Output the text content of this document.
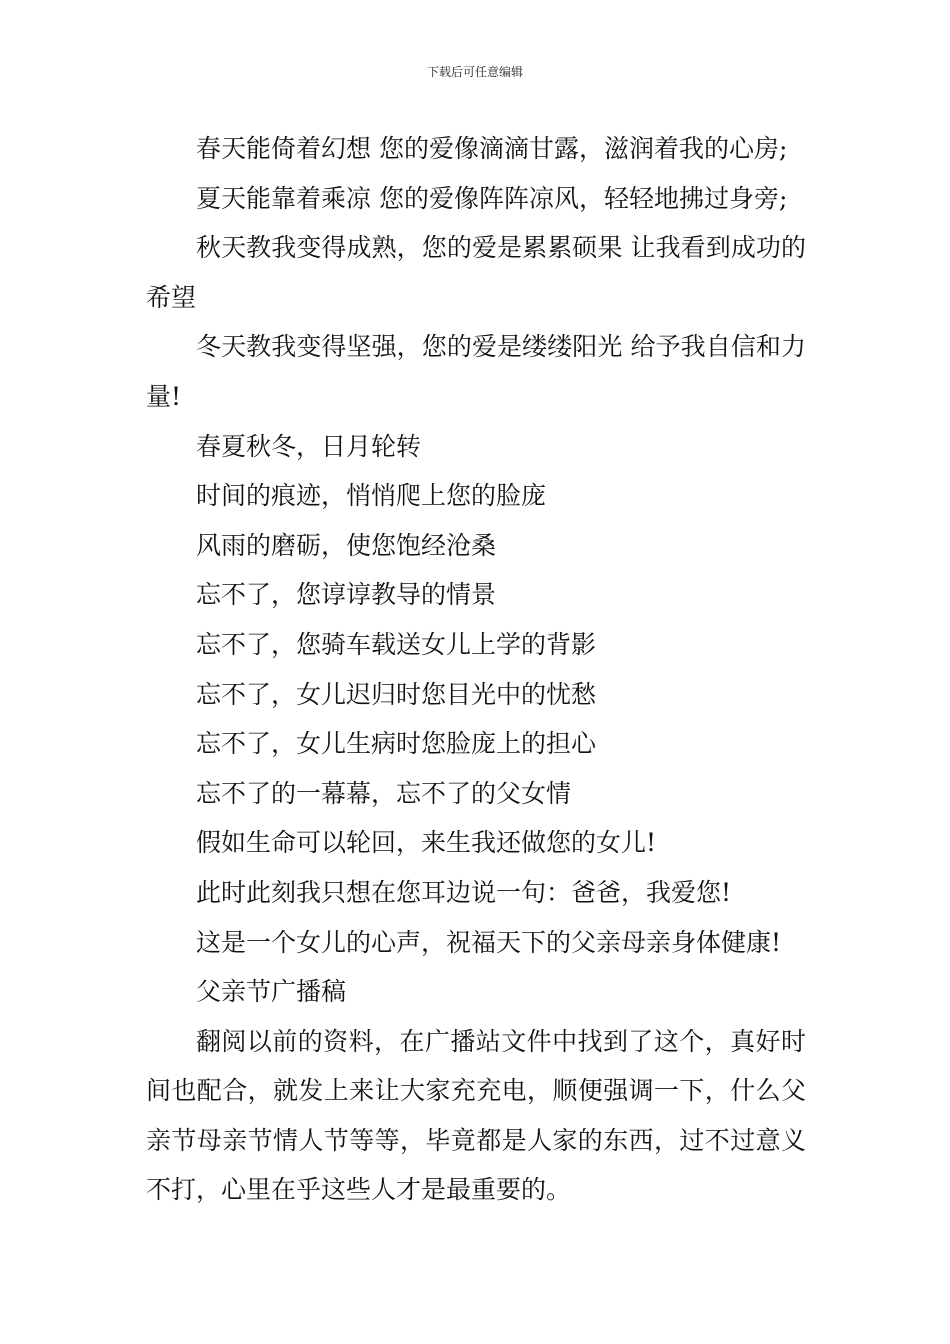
下载后可任意编辑

春天能倚着幻想 您的爱像滴滴甘露，滋润着我的心房;

夏天能靠着乘凉 您的爱像阵阵凉风，轻轻地拂过身旁;

秋天教我变得成熟，您的爱是累累硕果 让我看到成功的希望

冬天教我变得坚强，您的爱是缕缕阳光 给予我自信和力量!

春夏秋冬，日月轮转

时间的痕迹，悄悄爬上您的脸庞

风雨的磨砺，使您饱经沧桑

忘不了，您谆谆教导的情景

忘不了，您骑车载送女儿上学的背影

忘不了，女儿迟归时您目光中的忧愁

忘不了，女儿生病时您脸庞上的担心

忘不了的一幕幕，忘不了的父女情

假如生命可以轮回，来生我还做您的女儿!

此时此刻我只想在您耳边说一句：爸爸，我爱您!

这是一个女儿的心声，祝福天下的父亲母亲身体健康!

父亲节广播稿

翻阅以前的资料，在广播站文件中找到了这个，真好时间也配合，就发上来让大家充充电，顺便强调一下，什么父亲节母亲节情人节等等，毕竟都是人家的东西，过不过意义不打，心里在乎这些人才是最重要的。
